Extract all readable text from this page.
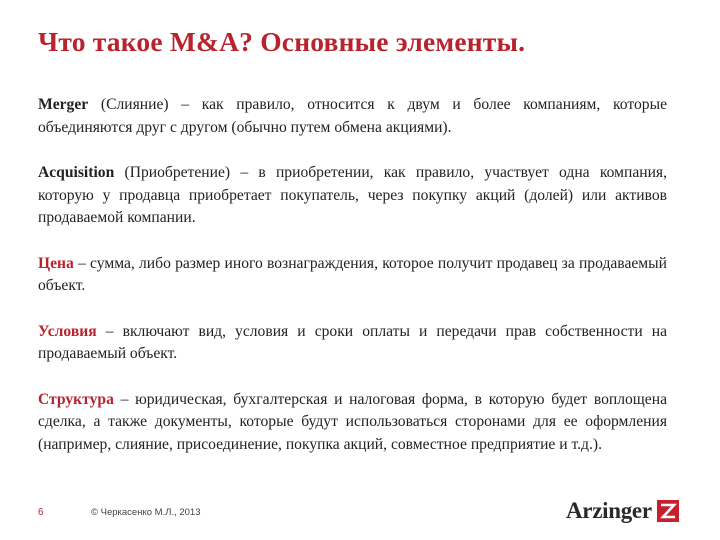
Что такое M&A? Основные элементы.

Merger (Слияние) – как правило, относится к двум и более компаниям, которые объединяются друг с другом (обычно путем обмена акциями).

Acquisition (Приобретение) – в приобретении, как правило, участвует одна компания, которую у продавца приобретает покупатель, через покупку акций (долей) или активов продаваемой компании.

Цена – сумма, либо размер иного вознаграждения, которое получит продавец за продаваемый объект.

Условия – включают вид, условия и сроки оплаты и передачи прав собственности на продаваемый объект.

Структура – юридическая, бухгалтерская и налоговая форма, в которую будет воплощена сделка, а также документы, которые будут использоваться сторонами для ее оформления (например, слияние, присоединение, покупка акций, совместное предприятие и т.д.).

6	© Черкасенко М.Л., 2013	Arzinger
